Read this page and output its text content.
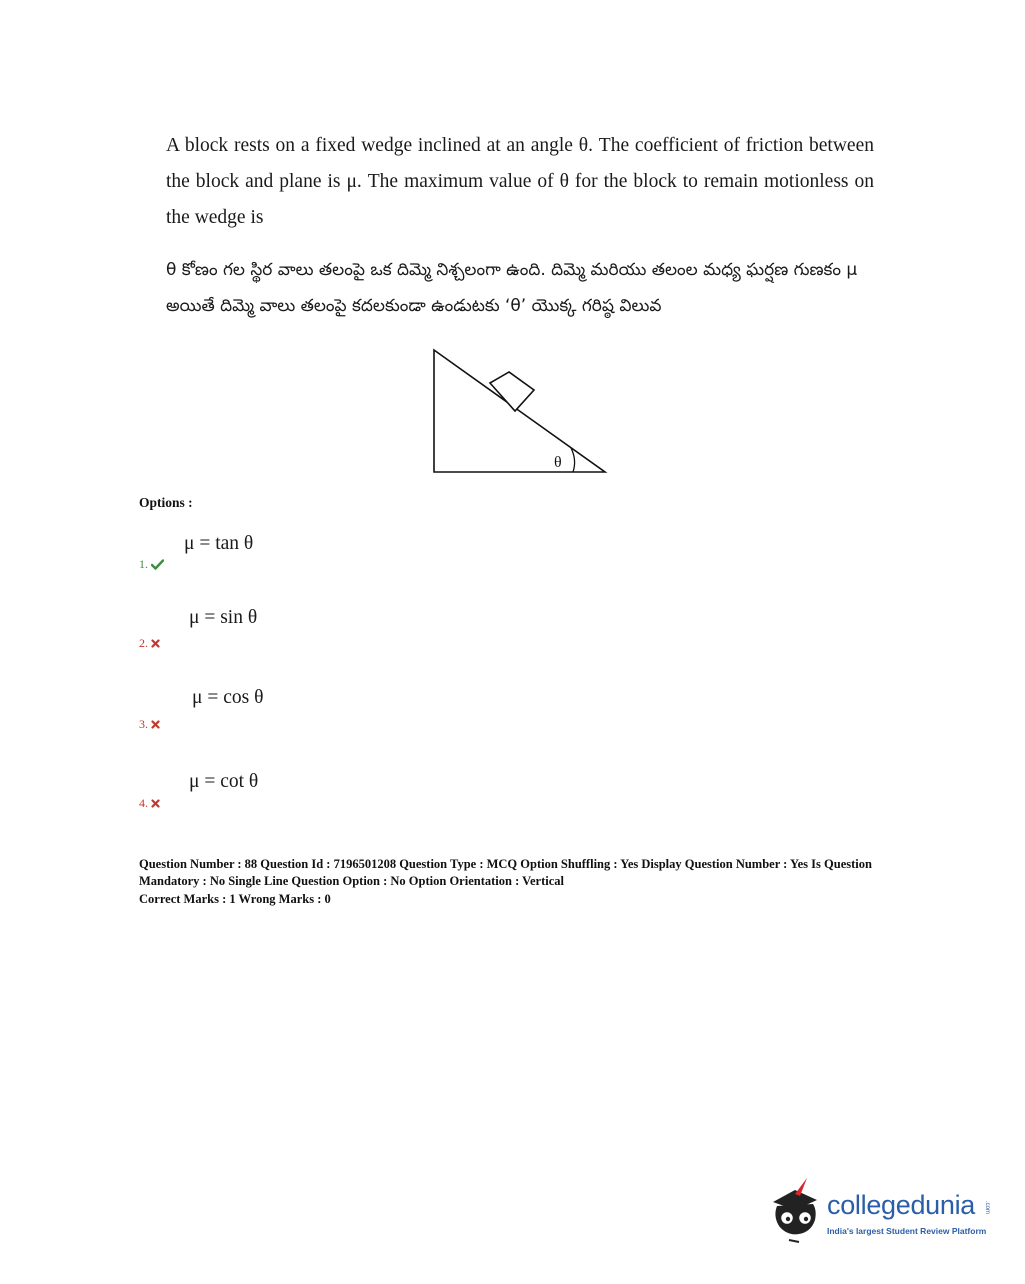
A block rests on a fixed wedge inclined at an angle θ. The coefficient of friction between the block and plane is μ. The maximum value of θ for the block to remain motionless on the wedge is
θ కోణం గల స్థిర వాలు తలంపై ఒక దిమ్మె నిశ్చలంగా ఉంది. దిమ్మె మరియు తలంల మధ్య ఘర్షణ గుణకం μ అయితే దిమ్మె వాలు తలంపై కదలకుండా ఉండుటకు ‘θ’ యొక్క గరిష్ఠ విలువ
θ
Options :
μ = tan θ
1.
μ = sin θ
2.
μ = cos θ
3.
μ = cot θ
4.

Question Number : 88 Question Id : 7196501208 Question Type : MCQ Option Shuffling : Yes Display Question Number : Yes Is Question Mandatory : No Single Line Question Option : No Option Orientation : Vertical

Correct Marks : 1 Wrong Marks : 0

collegedunia .com
India's largest Student Review Platform
